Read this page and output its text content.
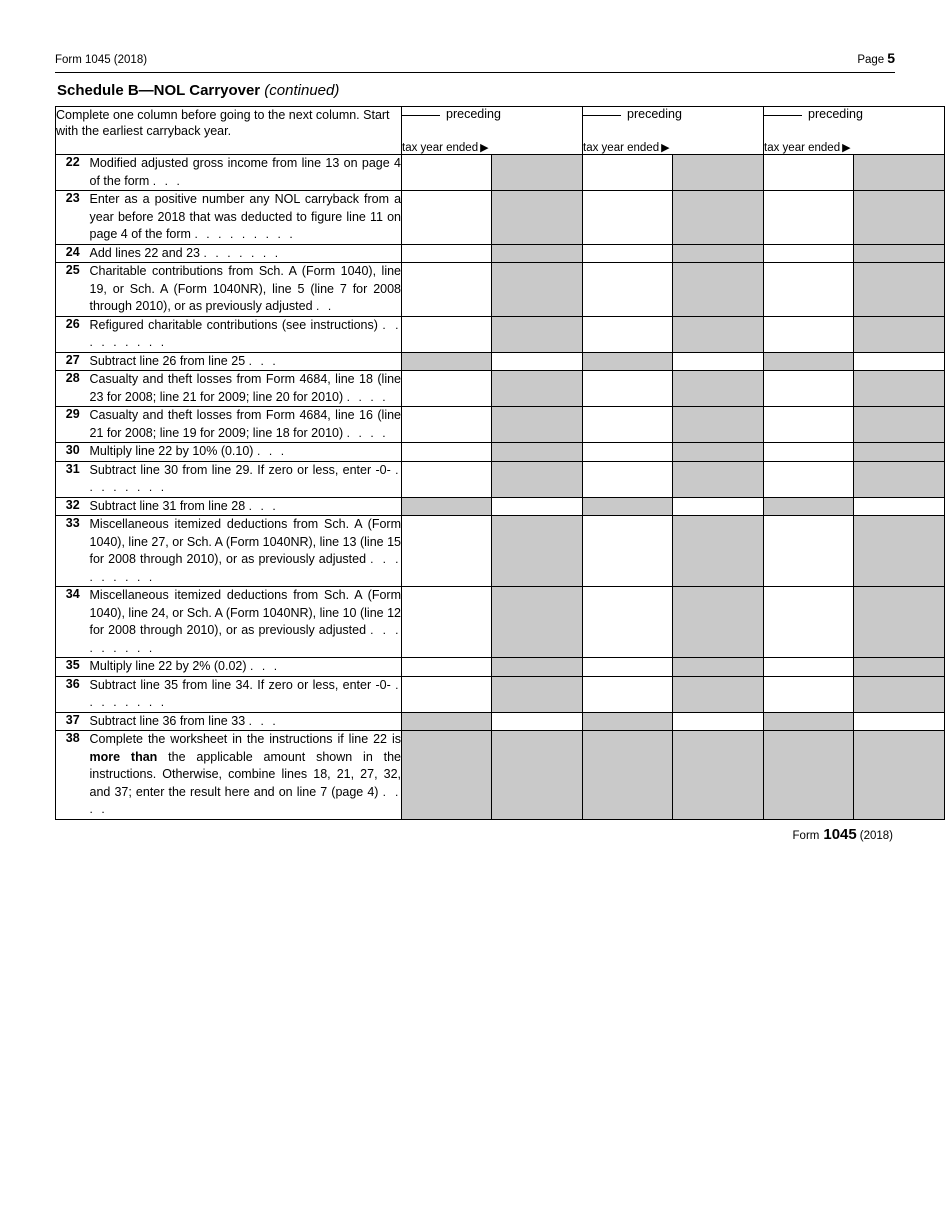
Form 1045 (2018)	Page 5
Schedule B—NOL Carryover (continued)
Complete one column before going to the next column. Start with the earliest carryback year.	
preceding
tax year ended ▶

preceding
tax year ended ▶

preceding
tax year ended ▶

22	Modified adjusted gross income from line 13 on page 4 of the form . . .						
23	Enter as a positive number any NOL carryback from a year before 2018 that was deducted to figure line 11 on page 4 of the form . . . . . . . . .						
24	Add lines 22 and 23 . . . . . . .						
25	Charitable contributions from Sch. A (Form 1040), line 19, or Sch. A (Form 1040NR), line 5 (line 7 for 2008 through 2010), or as previously adjusted . .						
26	Refigured charitable contributions (see instructions) . . . . . . . . .						
27	Subtract line 26 from line 25 . . .						
28	Casualty and theft losses from Form 4684, line 18 (line 23 for 2008; line 21 for 2009; line 20 for 2010) . . . .						
29	Casualty and theft losses from Form 4684, line 16 (line 21 for 2008; line 19 for 2009; line 18 for 2010) . . . .						
30	Multiply line 22 by 10% (0.10) . . .						
31	Subtract line 30 from line 29. If zero or less, enter -0- . . . . . . . .						
32	Subtract line 31 from line 28 . . .						
33	Miscellaneous itemized deductions from Sch. A (Form 1040), line 27, or Sch. A (Form 1040NR), line 13 (line 15 for 2008 through 2010), or as previously adjusted . . . . . . . . .						
34	Miscellaneous itemized deductions from Sch. A (Form 1040), line 24, or Sch. A (Form 1040NR), line 10 (line 12 for 2008 through 2010), or as previously adjusted . . . . . . . . .						
35	Multiply line 22 by 2% (0.02) . . .						
36	Subtract line 35 from line 34. If zero or less, enter -0- . . . . . . . .						
37	Subtract line 36 from line 33 . . .						
38	Complete the worksheet in the instructions if line 22 is more than the applicable amount shown in the instructions. Otherwise, combine lines 18, 21, 27, 32, and 37; enter the result here and on line 7 (page 4) . . . .						
Form 1045 (2018)
